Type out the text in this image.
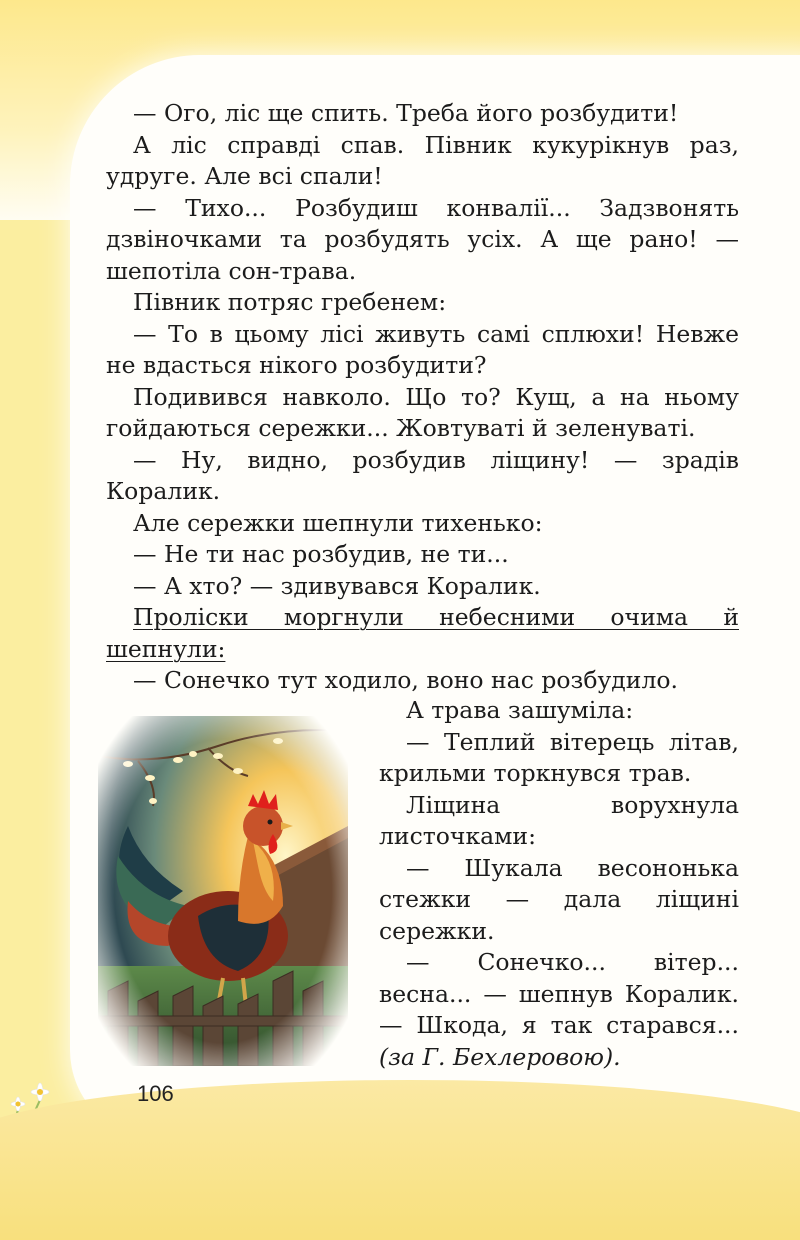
— Ого, ліс ще спить. Треба його розбудити!

А ліс справді спав. Півник кукурікнув раз, удруге. Але всі спали!

— Тихо... Розбудиш конвалії... Задзвонять дзвіночками та розбудять усіх. А ще рано! — шепотіла сон-трава.

Півник потряс гребенем:

— То в цьому лісі живуть самі сплюхи! Невже не вдасться нікого розбудити?

Подивився навколо. Що то? Кущ, а на ньому гойдаються сережки... Жовтуваті й зеленуваті.

— Ну, видно, розбудив ліщину! — зрадів Коралик.

Але сережки шепнули тихенько:

— Не ти нас розбудив, не ти...

— А хто? — здивувався Коралик.

Проліски моргнули небесними очима й шепнули:

— Сонечко тут ходило, воно нас розбудило.

А трава зашуміла:

— Теплий вітерець літав, крильми торкнувся трав.

Ліщина ворухнула листочками:

— Шукала весононька стежки — дала ліщині сережки.

— Сонечко... вітер... весна... — шепнув Коралик. — Шкода, я так старався... (за Г. Бехлеровою).

106
